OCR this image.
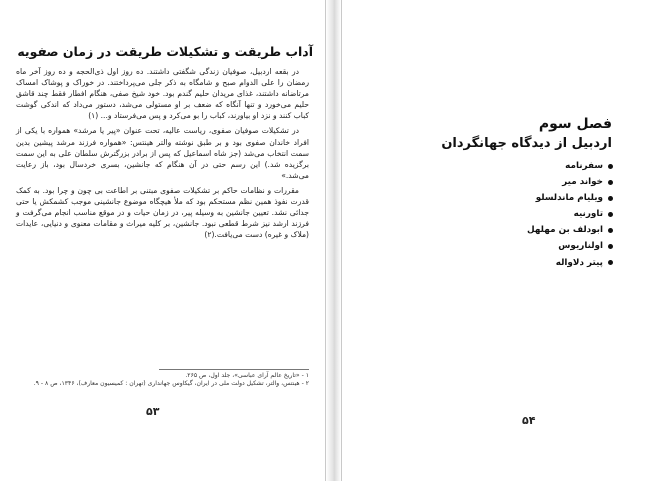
آداب طریقت و تشکیلات طریقت در زمان صفویه

در بقعه اردبیل، صوفیان زندگی شگفتی داشتند. ده روز اول ذی‌الحجه و ده روز آخر ماه رمضان را علی الدوام صبح و شامگاه به ذکر جلی می‌پرداختند. در خوراک و پوشاک امساک مرتاضانه داشتند، غذای مریدان حلیم گندم بود. خود شیخ صفی، هنگام افطار فقط چند قاشق حلیم می‌خورد و تنها آنگاه که ضعف بر او مستولی می‌شد، دستور می‌داد که اندکی گوشت کباب کنند و نزد او بیاورند، کباب را بو می‌کرد و پس می‌فرستاد و... (۱)

در تشکیلات صوفیان صفوی، ریاست عالیه، تحت عنوان «پیر یا مرشد» همواره با یکی از افراد خاندان صفوی بود و بر طبق نوشته والتر هینتس: «همواره فرزند مرشد پیشین بدین سمت انتخاب می‌شد (جز شاه اسماعیل که پس از برادر بزرگترش سلطان علی به این سمت برگزیده شد.) این رسم حتی در آن هنگام که جانشین، بسری خردسال بود، باز رعایت می‌شد.»

مقررات و نظامات حاکم بر تشکیلات صفوی مبتنی بر اطاعت بی چون و چرا بود. به کمک قدرت نفوذ همین نظم مستحکم بود که ملأ هیچگاه موضوع جانشینی موجب کشمکش یا حتی جدائی نشد. تعیین جانشین به وسیله پیر، در زمان حیات و در موقع مناسب انجام می‌گرفت و فرزند ارشد نیز شرط قطعی نبود. جانشین، بر کلیه میراث و مقامات معنوی و دنیایی، عایدات (ملاک و غیره) دست می‌یافت.(۲)

۱ - «تاریخ عالم آرای عباسی»، جلد اول، ص ۲۶۵.
۲ - هینتس، والتر، تشکیل دولت ملی در ایران، گیکاوس جهانداری (تهران : کمیسیون معارف)، ۱۳۴۶، ص ۸ - ۹.
۵۳
فصل سوم
اردبیل از دیدگاه جهانگردان
سفرنامه
خواند میر
ویلیام ماندلسلو
تاورنیه
ابودلف بن مهلهل
اولناریوس
پیتر دلاواله
۵۴
